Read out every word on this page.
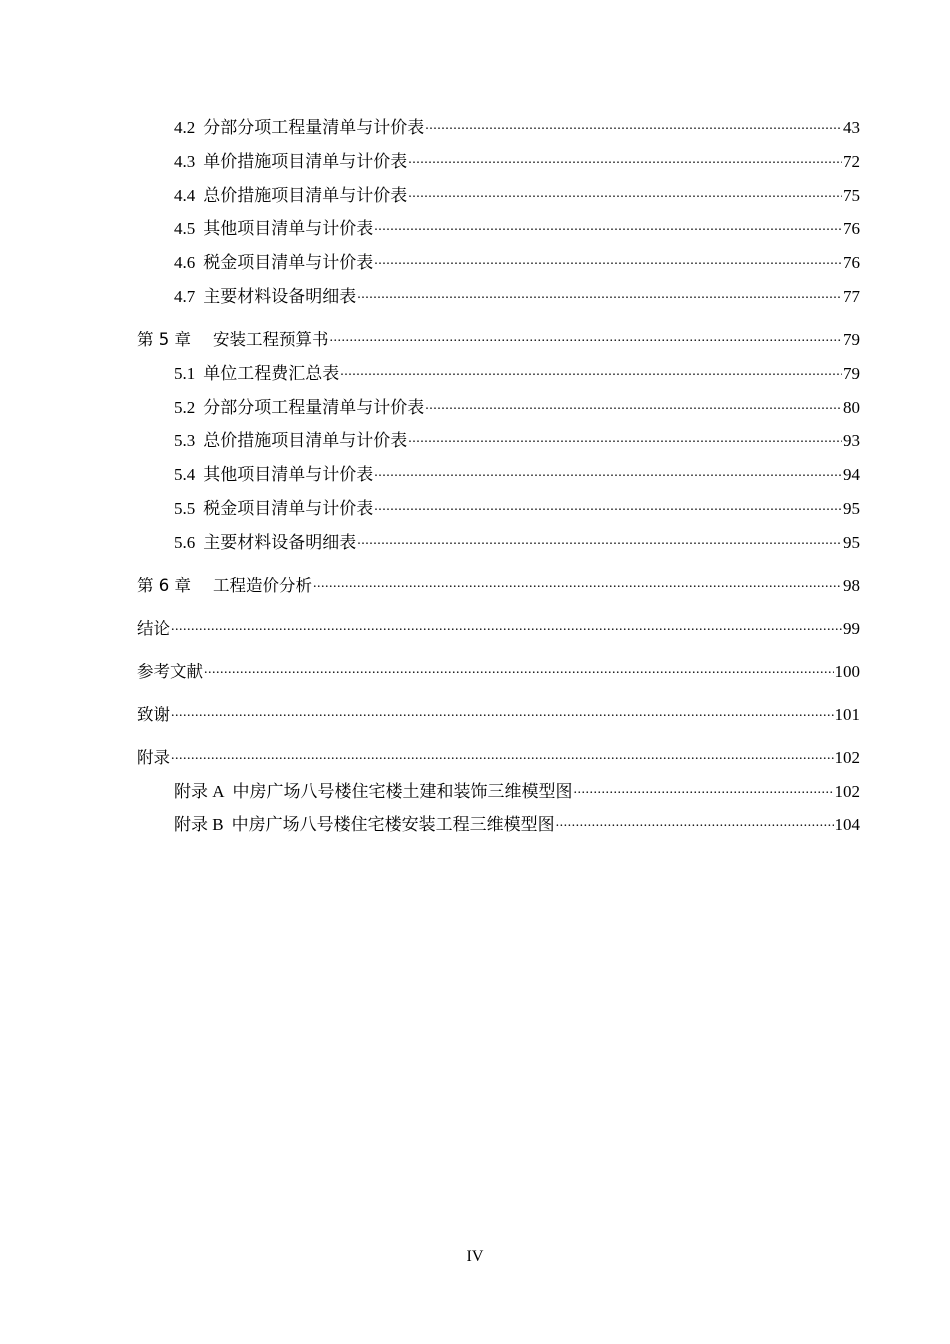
4.2 分部分项工程量清单与计价表 .....	43
4.3 单价措施项目清单与计价表 .....	72
4.4 总价措施项目清单与计价表 .....	75
4.5 其他项目清单与计价表 .....	76
4.6 税金项目清单与计价表 .....	76
4.7 主要材料设备明细表 .....	77
第 5 章 安装工程预算书 .....	79
5.1 单位工程费汇总表 .....	79
5.2 分部分项工程量清单与计价表 .....	80
5.3 总价措施项目清单与计价表 .....	93
5.4 其他项目清单与计价表 .....	94
5.5 税金项目清单与计价表 .....	95
5.6 主要材料设备明细表 .....	95
第 6 章 工程造价分析 .....	98
结论 .....	99
参考文献 .....	100
致谢 .....	101
附录 .....	102
附录 A 中房广场八号楼住宅楼土建和装饰三维模型图 .....	102
附录 B 中房广场八号楼住宅楼安装工程三维模型图 .....	104
IV
